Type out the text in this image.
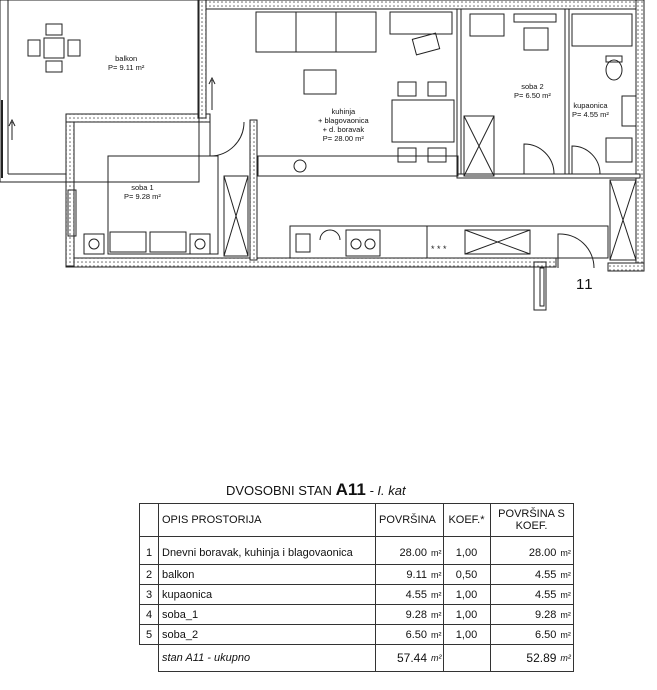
* * *
balkon
P= 9.11 m²
soba 1
P= 9.28 m²
kuhinja
+ blagovaonica
+ d. boravak
P= 28.00 m²
soba 2
P= 6.50 m²
kupaonica
P= 4.55 m²
11
DVOSOBNI STAN A11 - I. kat
	OPIS PROSTORIJA	POVRŠINA		KOEF.*	POVRŠINA S KOEF.	
1	Dnevni boravak, kuhinja i blagovaonica	28.00	m²	1,00	28.00	m²
2	balkon	9.11	m²	0,50	4.55	m²
3	kupaonica	4.55	m²	1,00	4.55	m²
4	soba_1	9.28	m²	1,00	9.28	m²
5	soba_2	6.50	m²	1,00	6.50	m²
	stan A11 - ukupno	57.44	m²		52.89	m²
